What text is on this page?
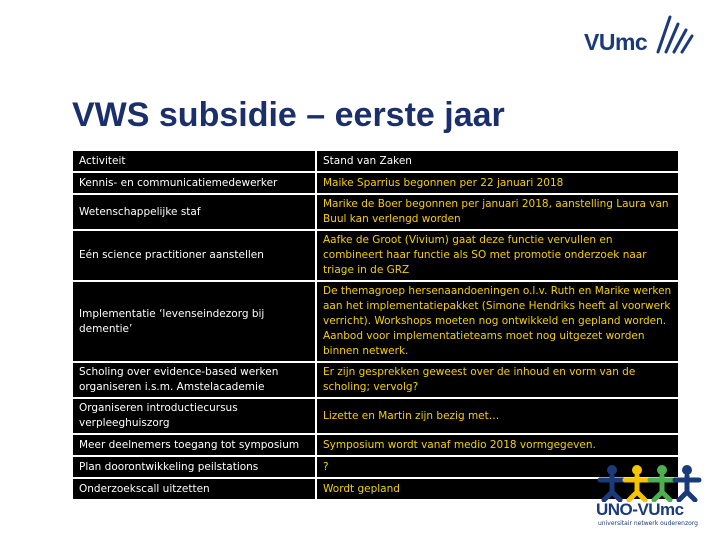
VUmc
VWS subsidie – eerste jaar
Activiteit	Stand van Zaken
Kennis- en communicatiemedewerker	Maike Sparrius begonnen per 22 januari 2018
Wetenschappelijke staf	Marike de Boer begonnen per januari 2018, aanstelling Laura van Buul kan verlengd worden
Eén science practitioner aanstellen	Aafke de Groot (Vivium) gaat deze functie vervullen en combineert haar functie als SO met promotie onderzoek naar triage in de GRZ
Implementatie ‘levenseindezorg bij dementie’	De themagroep hersenaandoeningen o.l.v. Ruth en Marike werken aan het implementatiepakket (Simone Hendriks heeft al voorwerk verricht). Workshops moeten nog ontwikkeld en gepland worden. Aanbod voor implementatieteams moet nog uitgezet worden binnen netwerk.
Scholing over evidence-based werken organiseren i.s.m. Amstelacademie	Er zijn gesprekken geweest over de inhoud en vorm van de scholing; vervolg?
Organiseren introductiecursus verpleeghuiszorg	Lizette en Martin zijn bezig met…
Meer deelnemers toegang tot symposium	Symposium wordt vanaf medio 2018 vormgegeven.
Plan doorontwikkeling peilstations	?
Onderzoekscall uitzetten	Wordt gepland
UNO-VUmc
universitair netwerk ouderenzorg
